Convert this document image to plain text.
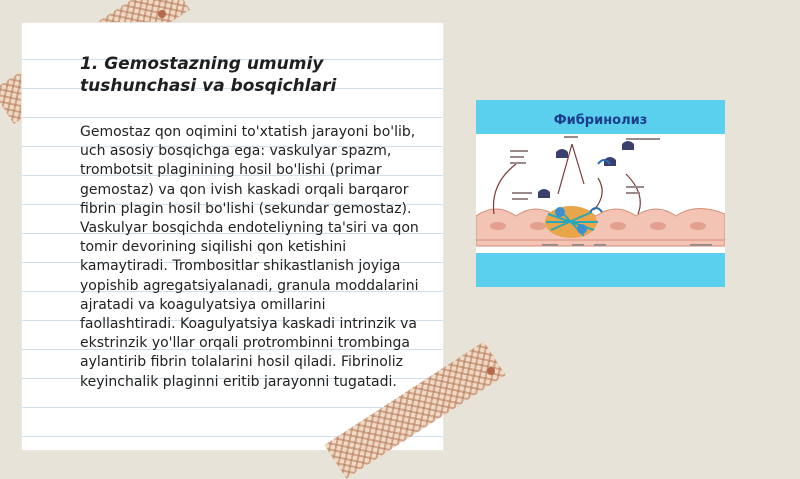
1. Gemostazning umumiy tushunchasi va bosqichlari

Gemostaz qon oqimini to'xtatish jarayoni bo'lib, uch asosiy bosqichga ega: vaskulyar spazm, trombotsit plagini​ning hosil bo'lishi (primar gemostaz) va qon ivish kaskadi orqali barqaror fibrin plagin hosil bo'lishi (sekundar gemostaz). Vaskulyar bosqichda endoteliyning ta'siri va qon tomir devorining siqilishi qon ketishini kamaytiradi. Trombositlar shikastlanish joyiga yopishib agregatsiyalanadi, granula moddalarini ajratadi va koagulyatsiya omillarini faollashtiradi. Koagulyatsiya kaskadi intrinzik va ekstrinzik yo'llar orqali protrombinni trombinga aylantirib fibrin tolalarini hosil qiladi. Fibrinoliz keyinchalik plaginni eritib jarayonni tugatadi.

Фибринолиз
